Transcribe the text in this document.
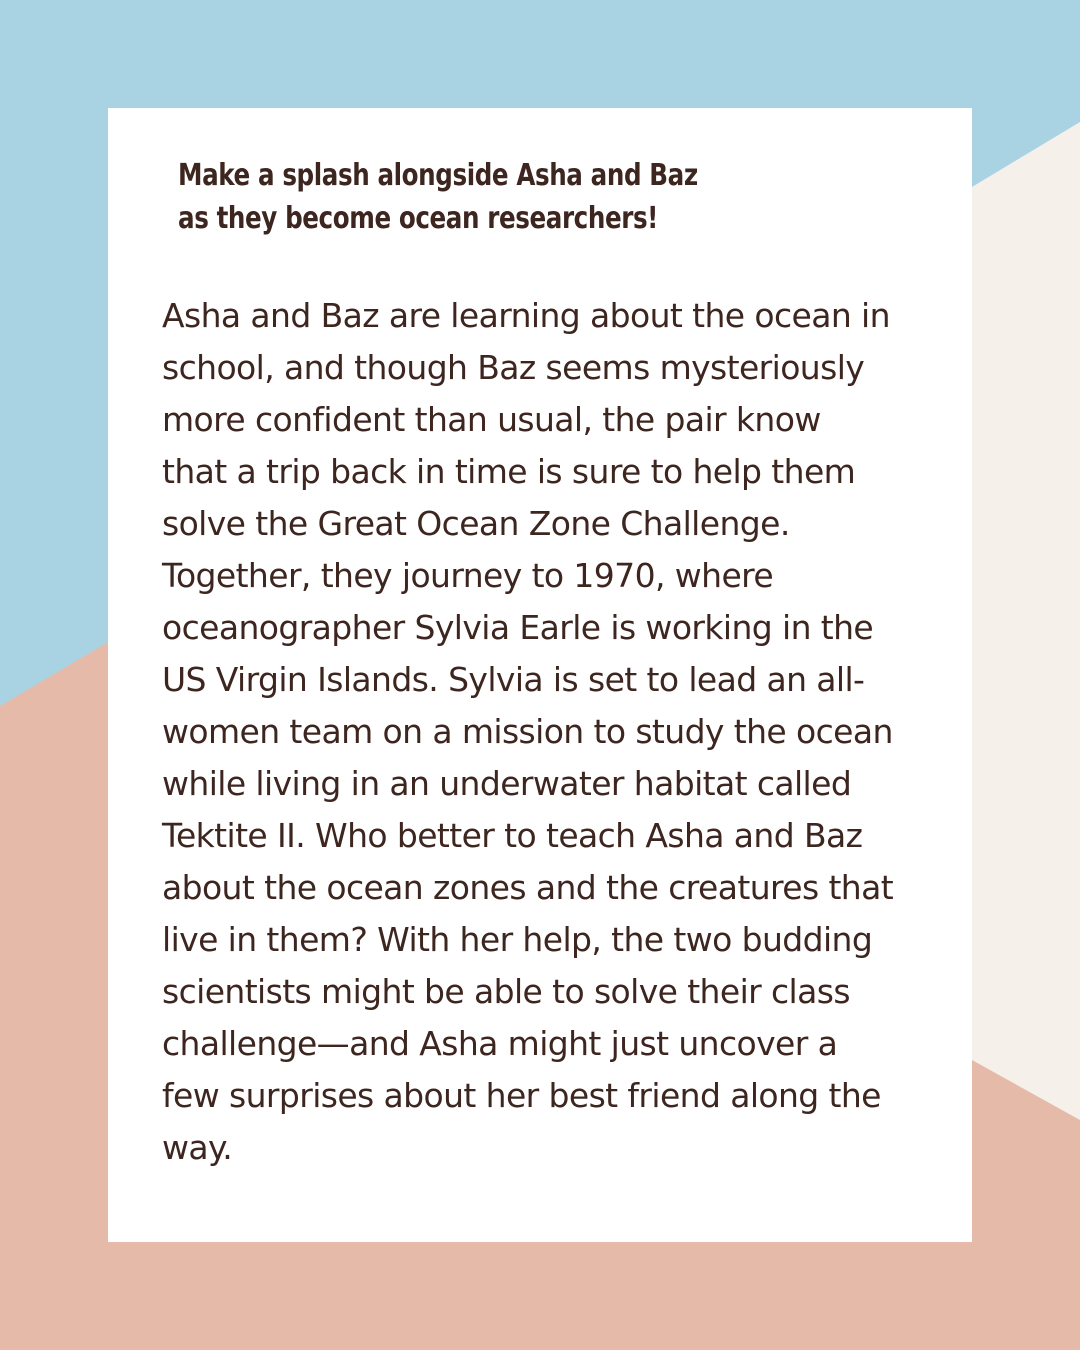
Make a splash alongside Asha and Baz as they become ocean researchers!

Asha and Baz are learning about the ocean in
school, and though Baz seems mysteriously
more confident than usual, the pair know
that a trip back in time is sure to help them
solve the Great Ocean Zone Challenge.
Together, they journey to 1970, where
oceanographer Sylvia Earle is working in the
US Virgin Islands. Sylvia is set to lead an all-
women team on a mission to study the ocean
while living in an underwater habitat called
Tektite II. Who better to teach Asha and Baz
about the ocean zones and the creatures that
live in them? With her help, the two budding
scientists might be able to solve their class
challenge—and Asha might just uncover a
few surprises about her best friend along the
way.
